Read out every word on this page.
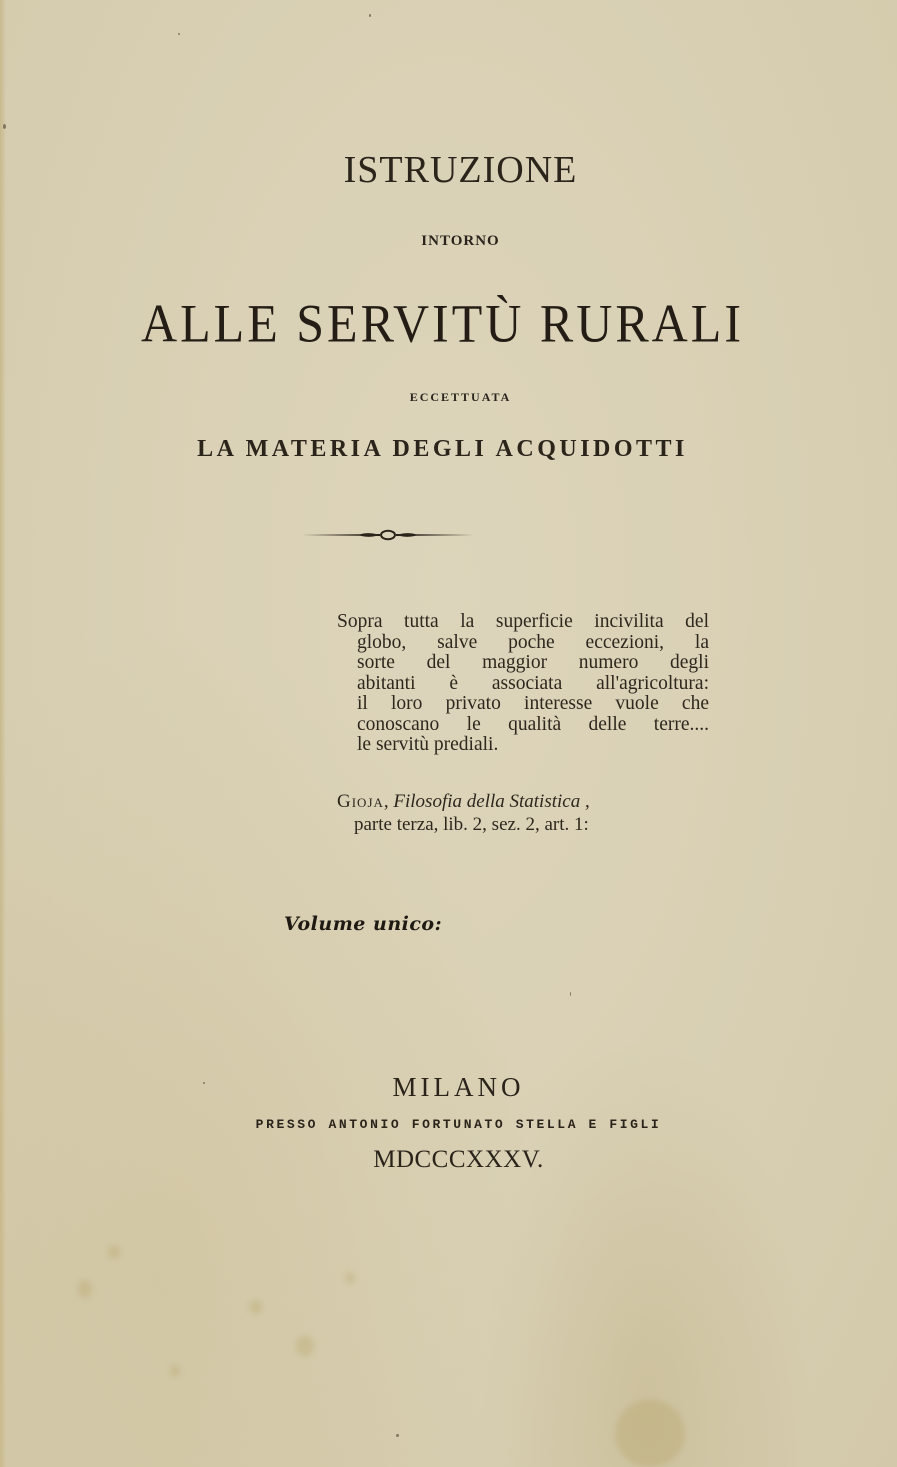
ISTRUZIONE
INTORNO
ALLE SERVITÙ RURALI
ECCETTUATA
LA MATERIA DEGLI ACQUIDOTTI
Sopra tutta la superficie incivilita del
globo, salve poche eccezioni, la
sorte del maggior numero degli
abitanti è associata all'agricoltura:
il loro privato interesse vuole che
conoscano le qualità delle terre....
le servitù prediali.
Gioja, Filosofia della Statistica ,
parte terza, lib. 2, sez. 2, art. 1:
Volume unico:
MILANO
PRESSO ANTONIO FORTUNATO STELLA E FIGLI
MDCCCXXXV.
